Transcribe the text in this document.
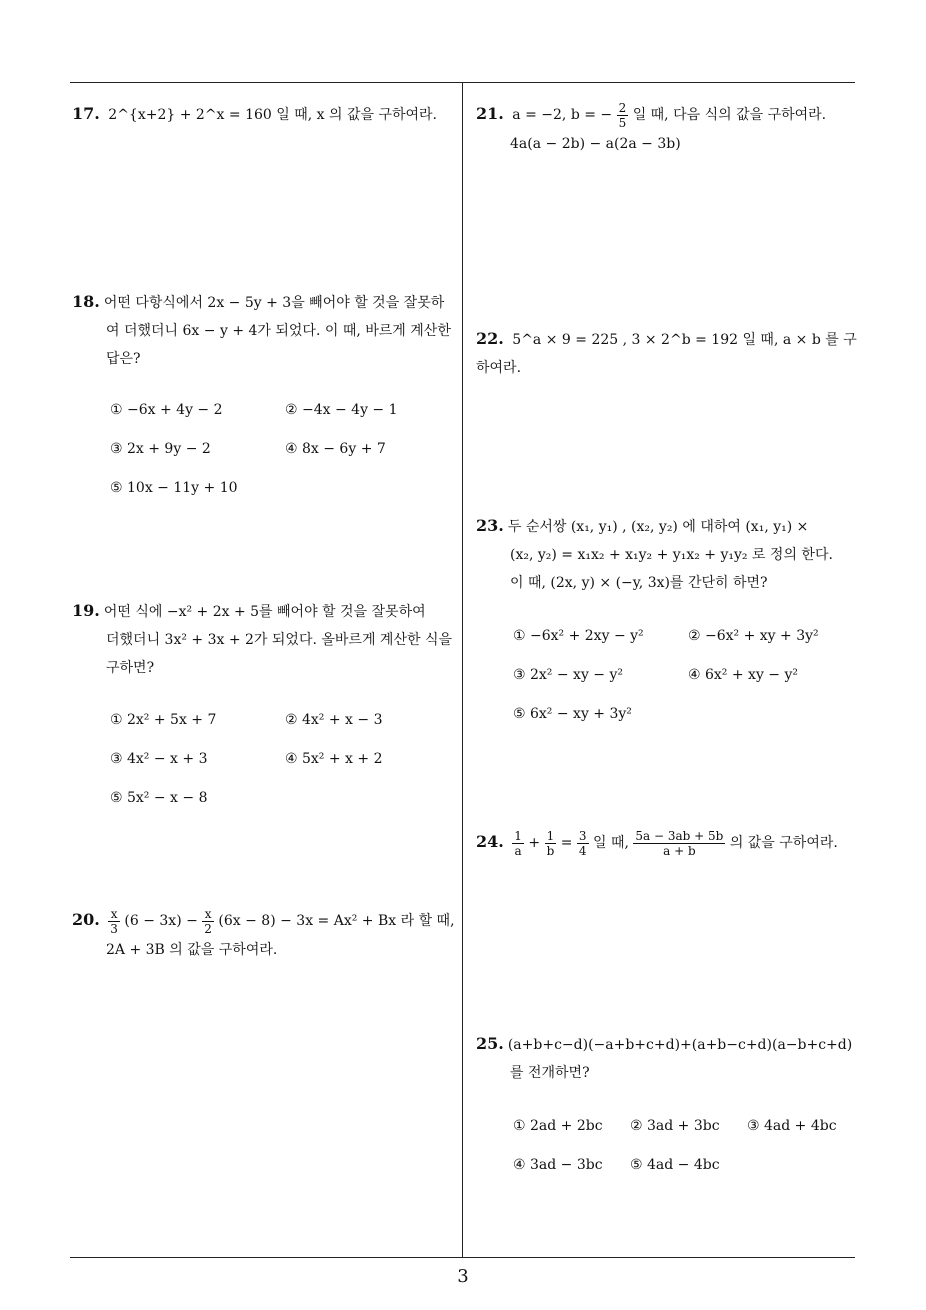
17. 2^{x+2} + 2^x = 160 일 때, x 의 값을 구하여라.
18. 어떤 다항식에서 2x − 5y + 3을 빼어야 할 것을 잘못하
여 더했더니 6x − y + 4가 되었다. 이 때, 바르게 계산한
답은?
① −6x + 4y − 2	② −4x − 4y − 1
③ 2x + 9y − 2	④ 8x − 6y + 7
⑤ 10x − 11y + 10
19. 어떤 식에 −x² + 2x + 5를 빼어야 할 것을 잘못하여
더했더니 3x² + 3x + 2가 되었다. 올바르게 계산한 식을
구하면?
① 2x² + 5x + 7	② 4x² + x − 3
③ 4x² − x + 3	④ 5x² + x + 2
⑤ 5x² − x − 8
20. $\frac{x}{3} (6 - 3x) - \frac{x}{2} (6x - 8) - 3x = Ax^2 + Bx$ 라 할 때,
2A + 3B 의 값을 구하여라.
21. a = −2, b = − $\frac{2}{5}$ 일 때, 다음 식의 값을 구하여라.
4a(a − 2b) − a(2a − 3b)
22. 5^a × 9 = 225 , 3 × 2^b = 192 일 때, a × b 를 구하여라.
23. 두 순서쌍 (x₁, y₁) , (x₂, y₂) 에 대하여 (x₁, y₁) ×
(x₂, y₂) = x₁x₂ + x₁y₂ + y₁x₂ + y₁y₂ 로 정의 한다.
이 때, (2x, y) × (−y, 3x)를 간단히 하면?
① −6x² + 2xy − y²	② −6x² + xy + 3y²
③ 2x² − xy − y²	④ 6x² + xy − y²
⑤ 6x² − xy + 3y²
24. $\frac{1}{a} + \frac{1}{b} = \frac{3}{4}$ 일 때, $\frac{5a - 3ab + 5b}{a + b}$ 의 값을 구하여라.
25. (a+b+c−d)(−a+b+c+d)+(a+b−c+d)(a−b+c+d)
를 전개하면?
① 2ad + 2bc ② 3ad + 3bc ③ 4ad + 4bc
④ 3ad − 3bc ⑤ 4ad − 4bc
3
